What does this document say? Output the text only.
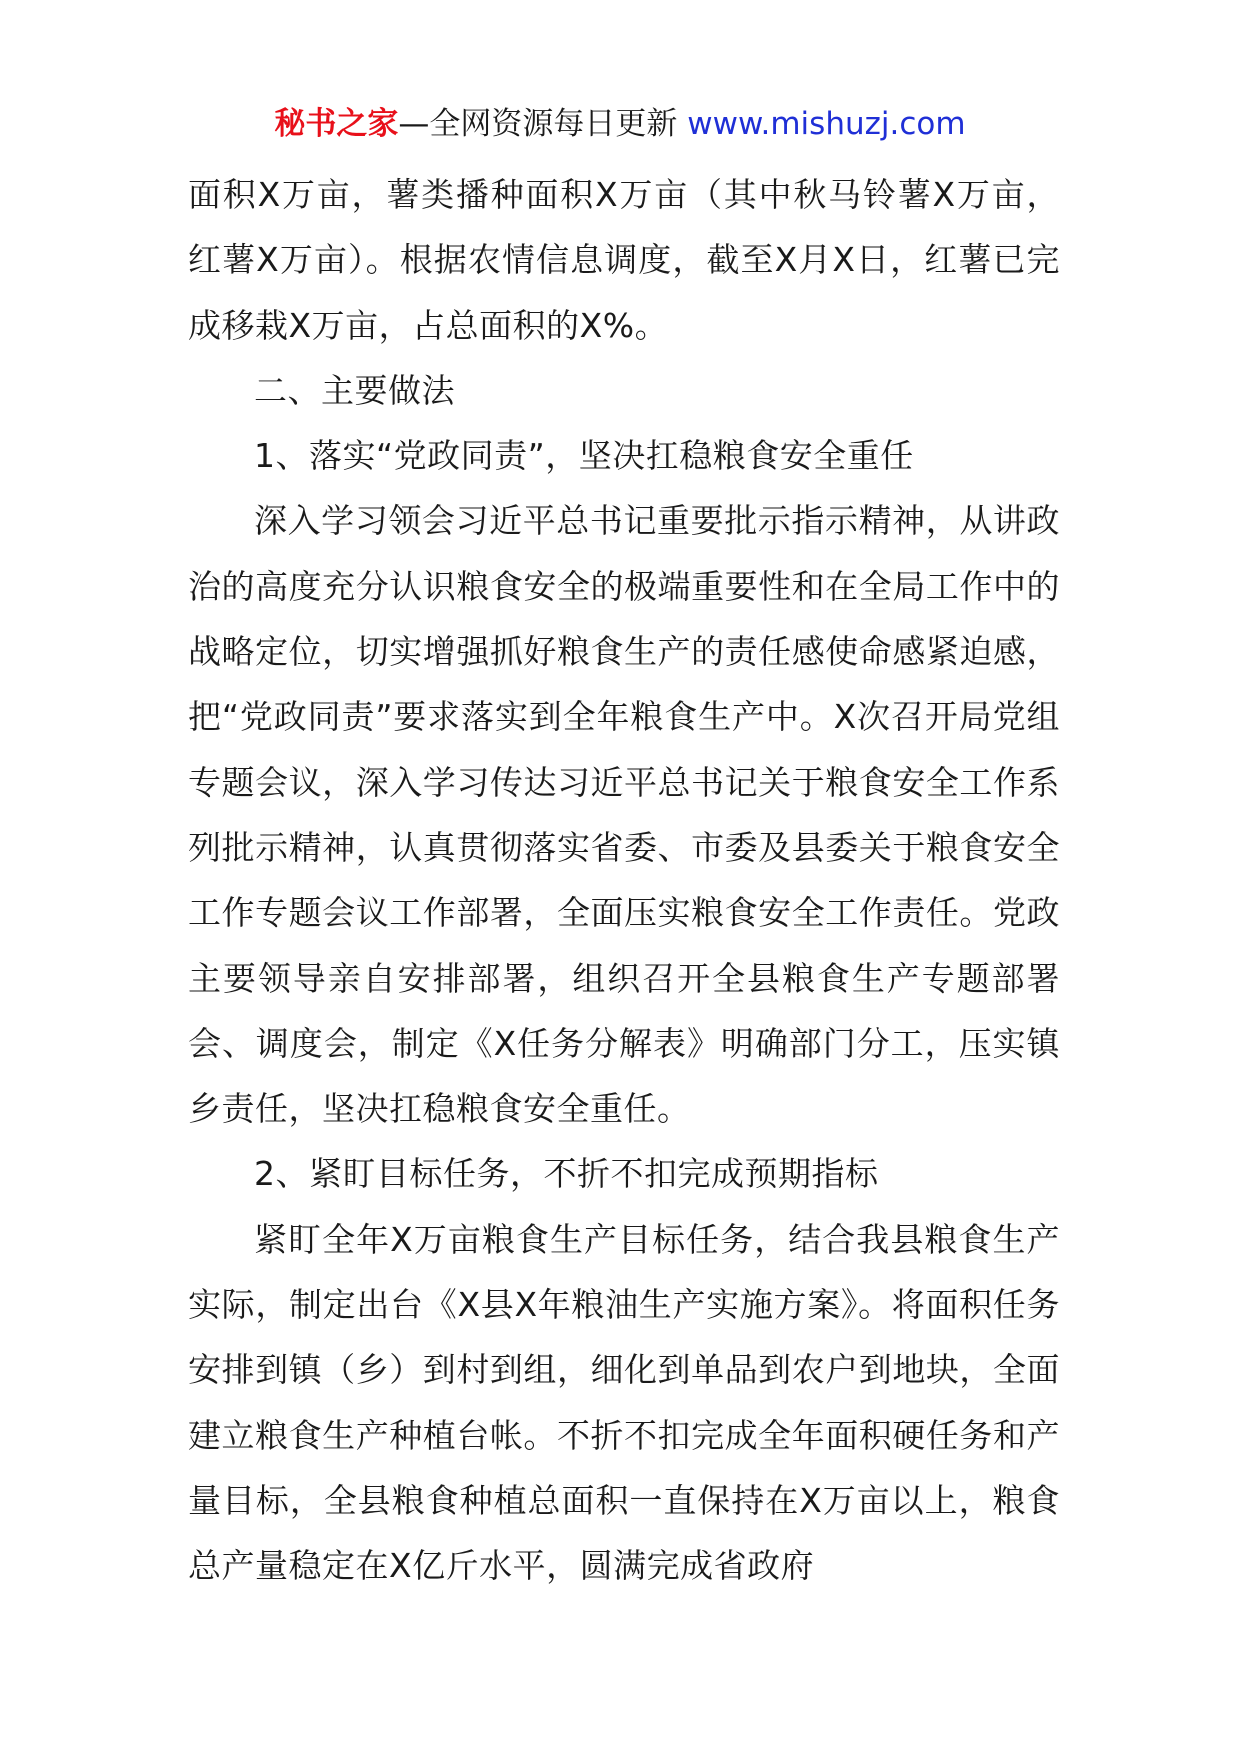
秘书之家—全网资源每日更新 www.mishuzj.com

面积X万亩，薯类播种面积X万亩（其中秋马铃薯X万亩，红薯X万亩）。根据农情信息调度，截至X月X日，红薯已完成移栽X万亩，占总面积的X%。

二、主要做法

1、落实“党政同责”，坚决扛稳粮食安全重任

深入学习领会习近平总书记重要批示指示精神，从讲政治的高度充分认识粮食安全的极端重要性和在全局工作中的战略定位，切实增强抓好粮食生产的责任感使命感紧迫感，把“党政同责”要求落实到全年粮食生产中。X次召开局党组专题会议，深入学习传达习近平总书记关于粮食安全工作系列批示精神，认真贯彻落实省委、市委及县委关于粮食安全工作专题会议工作部署，全面压实粮食安全工作责任。党政主要领导亲自安排部署，组织召开全县粮食生产专题部署会、调度会，制定《X任务分解表》明确部门分工，压实镇乡责任，坚决扛稳粮食安全重任。

2、紧盯目标任务，不折不扣完成预期指标

紧盯全年X万亩粮食生产目标任务，结合我县粮食生产实际，制定出台《X县X年粮油生产实施方案》。将面积任务安排到镇（乡）到村到组，细化到单品到农户到地块，全面建立粮食生产种植台帐。不折不扣完成全年面积硬任务和产量目标，全县粮食种植总面积一直保持在X万亩以上，粮食总产量稳定在X亿斤水平，圆满完成省政府
